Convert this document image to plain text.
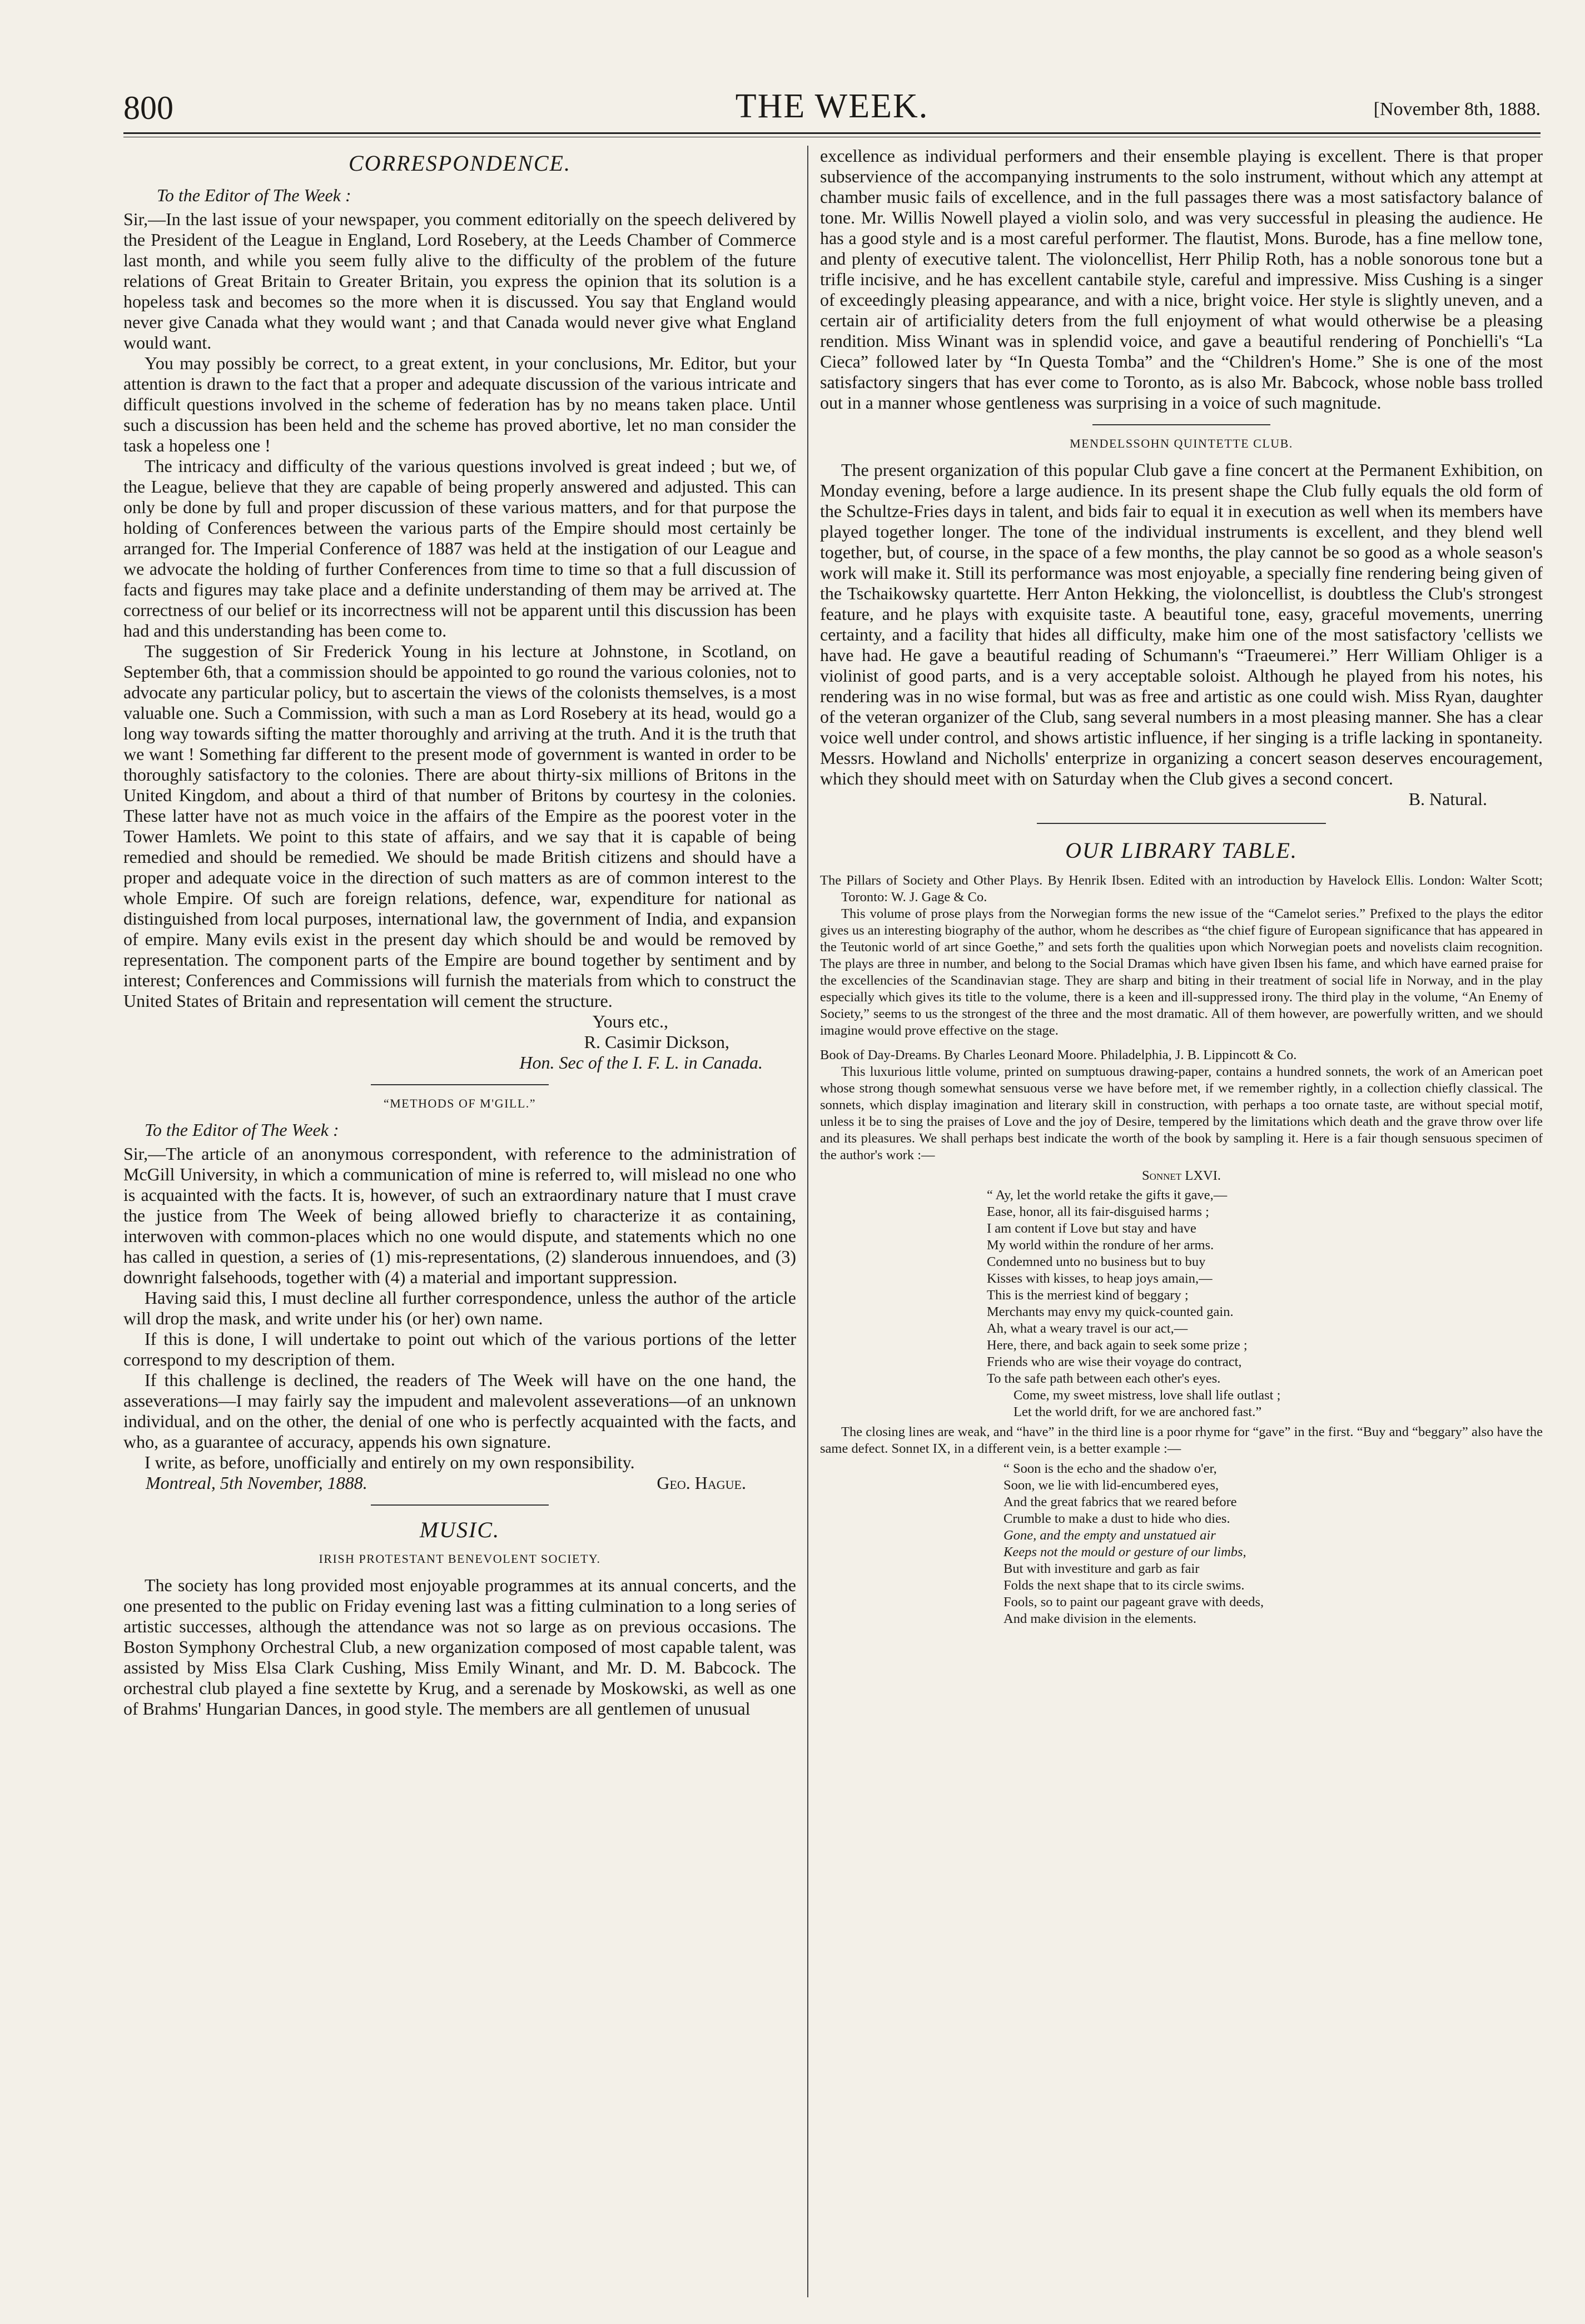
800	THE WEEK.	[November 8th, 1888.
CORRESPONDENCE.
To the Editor of The Week :

Sir,—In the last issue of your newspaper, you comment editorially on the speech delivered by the President of the League in England, Lord Rosebery, at the Leeds Chamber of Commerce last month, and while you seem fully alive to the difficulty of the problem of the future relations of Great Britain to Greater Britain, you express the opinion that its solution is a hopeless task and becomes so the more when it is discussed. You say that England would never give Canada what they would want ; and that Canada would never give what England would want.

You may possibly be correct, to a great extent, in your conclusions, Mr. Editor, but your attention is drawn to the fact that a proper and adequate discussion of the various intricate and difficult questions involved in the scheme of federation has by no means taken place. Until such a discussion has been held and the scheme has proved abortive, let no man consider the task a hopeless one !

The intricacy and difficulty of the various questions involved is great indeed ; but we, of the League, believe that they are capable of being properly answered and adjusted. This can only be done by full and proper discussion of these various matters, and for that purpose the holding of Conferences between the various parts of the Empire should most certainly be arranged for. The Imperial Conference of 1887 was held at the instigation of our League and we advocate the holding of further Conferences from time to time so that a full discussion of facts and figures may take place and a definite understanding of them may be arrived at. The correctness of our belief or its incorrectness will not be apparent until this discussion has been had and this understanding has been come to.

The suggestion of Sir Frederick Young in his lecture at Johnstone, in Scotland, on September 6th, that a commission should be appointed to go round the various colonies, not to advocate any particular policy, but to ascertain the views of the colonists themselves, is a most valuable one. Such a Commission, with such a man as Lord Rosebery at its head, would go a long way towards sifting the matter thoroughly and arriving at the truth. And it is the truth that we want ! Something far different to the present mode of government is wanted in order to be thoroughly satisfactory to the colonies. There are about thirty-six millions of Britons in the United Kingdom, and about a third of that number of Britons by courtesy in the colonies. These latter have not as much voice in the affairs of the Empire as the poorest voter in the Tower Hamlets. We point to this state of affairs, and we say that it is capable of being remedied and should be remedied. We should be made British citizens and should have a proper and adequate voice in the direction of such matters as are of common interest to the whole Empire. Of such are foreign relations, defence, war, expenditure for national as distinguished from local purposes, international law, the government of India, and expansion of empire. Many evils exist in the present day which should be and would be removed by representation. The component parts of the Empire are bound together by sentiment and by interest; Conferences and Commissions will furnish the materials from which to construct the United States of Britain and representation will cement the structure.

Yours etc.,
R. Casimir Dickson,
Hon. Sec of the I. F. L. in Canada.
“METHODS OF M'GILL.”
To the Editor of The Week :

Sir,—The article of an anonymous correspondent, with reference to the administration of McGill University, in which a communication of mine is referred to, will mislead no one who is acquainted with the facts. It is, however, of such an extraordinary nature that I must crave the justice from The Week of being allowed briefly to characterize it as containing, interwoven with common-places which no one would dispute, and statements which no one has called in question, a series of (1) mis-representations, (2) slanderous innuendoes, and (3) downright falsehoods, together with (4) a material and important suppression.

Having said this, I must decline all further correspondence, unless the author of the article will drop the mask, and write under his (or her) own name.

If this is done, I will undertake to point out which of the various portions of the letter correspond to my description of them.

If this challenge is declined, the readers of The Week will have on the one hand, the asseverations—I may fairly say the impudent and malevolent asseverations—of an unknown individual, and on the other, the denial of one who is perfectly acquainted with the facts, and who, as a guarantee of accuracy, appends his own signature.

I write, as before, unofficially and entirely on my own responsibility.

Montreal, 5th November, 1888.	Geo. Hague.
MUSIC.
IRISH PROTESTANT BENEVOLENT SOCIETY.

The society has long provided most enjoyable programmes at its annual concerts, and the one presented to the public on Friday evening last was a fitting culmination to a long series of artistic successes, although the attendance was not so large as on previous occasions. The Boston Symphony Orchestral Club, a new organization composed of most capable talent, was assisted by Miss Elsa Clark Cushing, Miss Emily Winant, and Mr. D. M. Babcock. The orchestral club played a fine sextette by Krug, and a serenade by Moskowski, as well as one of Brahms' Hungarian Dances, in good style. The members are all gentlemen of unusual

excellence as individual performers and their ensemble playing is excellent. There is that proper subservience of the accompanying instruments to the solo instrument, without which any attempt at chamber music fails of excellence, and in the full passages there was a most satisfactory balance of tone. Mr. Willis Nowell played a violin solo, and was very successful in pleasing the audience. He has a good style and is a most careful performer. The flautist, Mons. Burode, has a fine mellow tone, and plenty of executive talent. The violoncellist, Herr Philip Roth, has a noble sonorous tone but a trifle incisive, and he has excellent cantabile style, careful and impressive. Miss Cushing is a singer of exceedingly pleasing appearance, and with a nice, bright voice. Her style is slightly uneven, and a certain air of artificiality deters from the full enjoyment of what would otherwise be a pleasing rendition. Miss Winant was in splendid voice, and gave a beautiful rendering of Ponchielli's “La Cieca” followed later by “In Questa Tomba” and the “Children's Home.” She is one of the most satisfactory singers that has ever come to Toronto, as is also Mr. Babcock, whose noble bass trolled out in a manner whose gentleness was surprising in a voice of such magnitude.

MENDELSSOHN QUINTETTE CLUB.

The present organization of this popular Club gave a fine concert at the Permanent Exhibition, on Monday evening, before a large audience. In its present shape the Club fully equals the old form of the Schultze-Fries days in talent, and bids fair to equal it in execution as well when its members have played together longer. The tone of the individual instruments is excellent, and they blend well together, but, of course, in the space of a few months, the play cannot be so good as a whole season's work will make it. Still its performance was most enjoyable, a specially fine rendering being given of the Tschaikowsky quartette. Herr Anton Hekking, the violoncellist, is doubtless the Club's strongest feature, and he plays with exquisite taste. A beautiful tone, easy, graceful movements, unerring certainty, and a facility that hides all difficulty, make him one of the most satisfactory 'cellists we have had. He gave a beautiful reading of Schumann's “Traeumerei.” Herr William Ohliger is a violinist of good parts, and is a very acceptable soloist. Although he played from his notes, his rendering was in no wise formal, but was as free and artistic as one could wish. Miss Ryan, daughter of the veteran organizer of the Club, sang several numbers in a most pleasing manner. She has a clear voice well under control, and shows artistic influence, if her singing is a trifle lacking in spontaneity. Messrs. Howland and Nicholls' enterprize in organizing a concert season deserves encouragement, which they should meet with on Saturday when the Club gives a second concert.

B. Natural.
OUR LIBRARY TABLE.

The Pillars of Society and Other Plays. By Henrik Ibsen. Edited with an introduction by Havelock Ellis. London: Walter Scott; Toronto: W. J. Gage & Co.

This volume of prose plays from the Norwegian forms the new issue of the “Camelot series.” Prefixed to the plays the editor gives us an interesting biography of the author, whom he describes as “the chief figure of European significance that has appeared in the Teutonic world of art since Goethe,” and sets forth the qualities upon which Norwegian poets and novelists claim recognition. The plays are three in number, and belong to the Social Dramas which have given Ibsen his fame, and which have earned praise for the excellencies of the Scandinavian stage. They are sharp and biting in their treatment of social life in Norway, and in the play especially which gives its title to the volume, there is a keen and ill-suppressed irony. The third play in the volume, “An Enemy of Society,” seems to us the strongest of the three and the most dramatic. All of them however, are powerfully written, and we should imagine would prove effective on the stage.

Book of Day-Dreams. By Charles Leonard Moore. Philadelphia, J. B. Lippincott & Co.

This luxurious little volume, printed on sumptuous drawing-paper, contains a hundred sonnets, the work of an American poet whose strong though somewhat sensuous verse we have before met, if we remember rightly, in a collection chiefly classical. The sonnets, which display imagination and literary skill in construction, with perhaps a too ornate taste, are without special motif, unless it be to sing the praises of Love and the joy of Desire, tempered by the limitations which death and the grave throw over life and its pleasures. We shall perhaps best indicate the worth of the book by sampling it. Here is a fair though sensuous specimen of the author's work :—

Sonnet LXVI.
“ Ay, let the world retake the gifts it gave,—
Ease, honor, all its fair-disguised harms ;
I am content if Love but stay and have
My world within the rondure of her arms.
Condemned unto no business but to buy
Kisses with kisses, to heap joys amain,—
This is the merriest kind of beggary ;
Merchants may envy my quick-counted gain.
Ah, what a weary travel is our act,—
Here, there, and back again to seek some prize ;
Friends who are wise their voyage do contract,
To the safe path between each other's eyes.
Come, my sweet mistress, love shall life outlast ;
Let the world drift, for we are anchored fast.”

The closing lines are weak, and “have” in the third line is a poor rhyme for “gave” in the first. “Buy and “beggary” also have the same defect. Sonnet IX, in a different vein, is a better example :—

“ Soon is the echo and the shadow o'er,
Soon, we lie with lid-encumbered eyes,
And the great fabrics that we reared before
Crumble to make a dust to hide who dies.
Gone, and the empty and unstatued air
Keeps not the mould or gesture of our limbs,
But with investiture and garb as fair
Folds the next shape that to its circle swims.
Fools, so to paint our pageant grave with deeds,
And make division in the elements.
